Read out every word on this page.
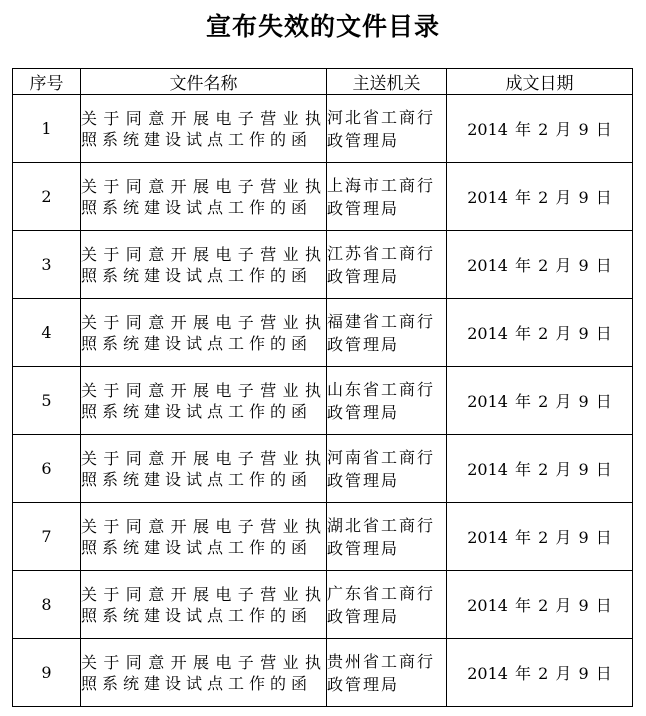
宣布失效的文件目录
序号	文件名称	主送机关	成文日期
1	关于同意开展电子营业执照系统建设试点工作的函	河北省工商行政管理局	2014 年 2 月 9 日
2	关于同意开展电子营业执照系统建设试点工作的函	上海市工商行政管理局	2014 年 2 月 9 日
3	关于同意开展电子营业执照系统建设试点工作的函	江苏省工商行政管理局	2014 年 2 月 9 日
4	关于同意开展电子营业执照系统建设试点工作的函	福建省工商行政管理局	2014 年 2 月 9 日
5	关于同意开展电子营业执照系统建设试点工作的函	山东省工商行政管理局	2014 年 2 月 9 日
6	关于同意开展电子营业执照系统建设试点工作的函	河南省工商行政管理局	2014 年 2 月 9 日
7	关于同意开展电子营业执照系统建设试点工作的函	湖北省工商行政管理局	2014 年 2 月 9 日
8	关于同意开展电子营业执照系统建设试点工作的函	广东省工商行政管理局	2014 年 2 月 9 日
9	关于同意开展电子营业执照系统建设试点工作的函	贵州省工商行政管理局	2014 年 2 月 9 日
